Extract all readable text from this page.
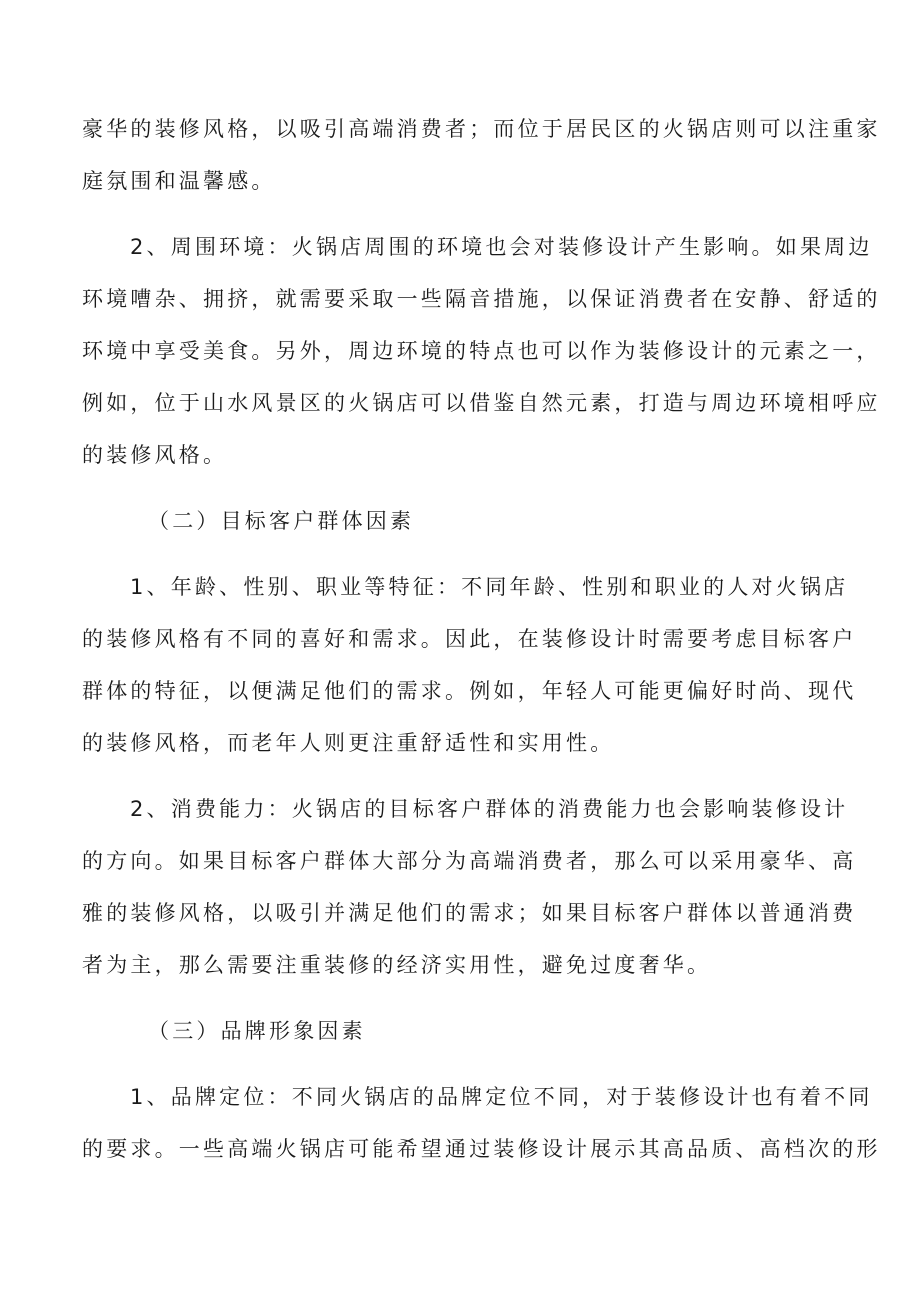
豪华的装修风格，以吸引高端消费者；而位于居民区的火锅店则可以注重家
庭氛围和温馨感。
2、周围环境：火锅店周围的环境也会对装修设计产生影响。如果周边
环境嘈杂、拥挤，就需要采取一些隔音措施，以保证消费者在安静、舒适的
环境中享受美食。另外，周边环境的特点也可以作为装修设计的元素之一，
例如，位于山水风景区的火锅店可以借鉴自然元素，打造与周边环境相呼应
的装修风格。
（二）目标客户群体因素
1、年龄、性别、职业等特征：不同年龄、性别和职业的人对火锅店
的装修风格有不同的喜好和需求。因此，在装修设计时需要考虑目标客户
群体的特征，以便满足他们的需求。例如，年轻人可能更偏好时尚、现代
的装修风格，而老年人则更注重舒适性和实用性。
2、消费能力：火锅店的目标客户群体的消费能力也会影响装修设计
的方向。如果目标客户群体大部分为高端消费者，那么可以采用豪华、高
雅的装修风格，以吸引并满足他们的需求；如果目标客户群体以普通消费
者为主，那么需要注重装修的经济实用性，避免过度奢华。
（三）品牌形象因素
1、品牌定位：不同火锅店的品牌定位不同，对于装修设计也有着不同
的要求。一些高端火锅店可能希望通过装修设计展示其高品质、高档次的形
